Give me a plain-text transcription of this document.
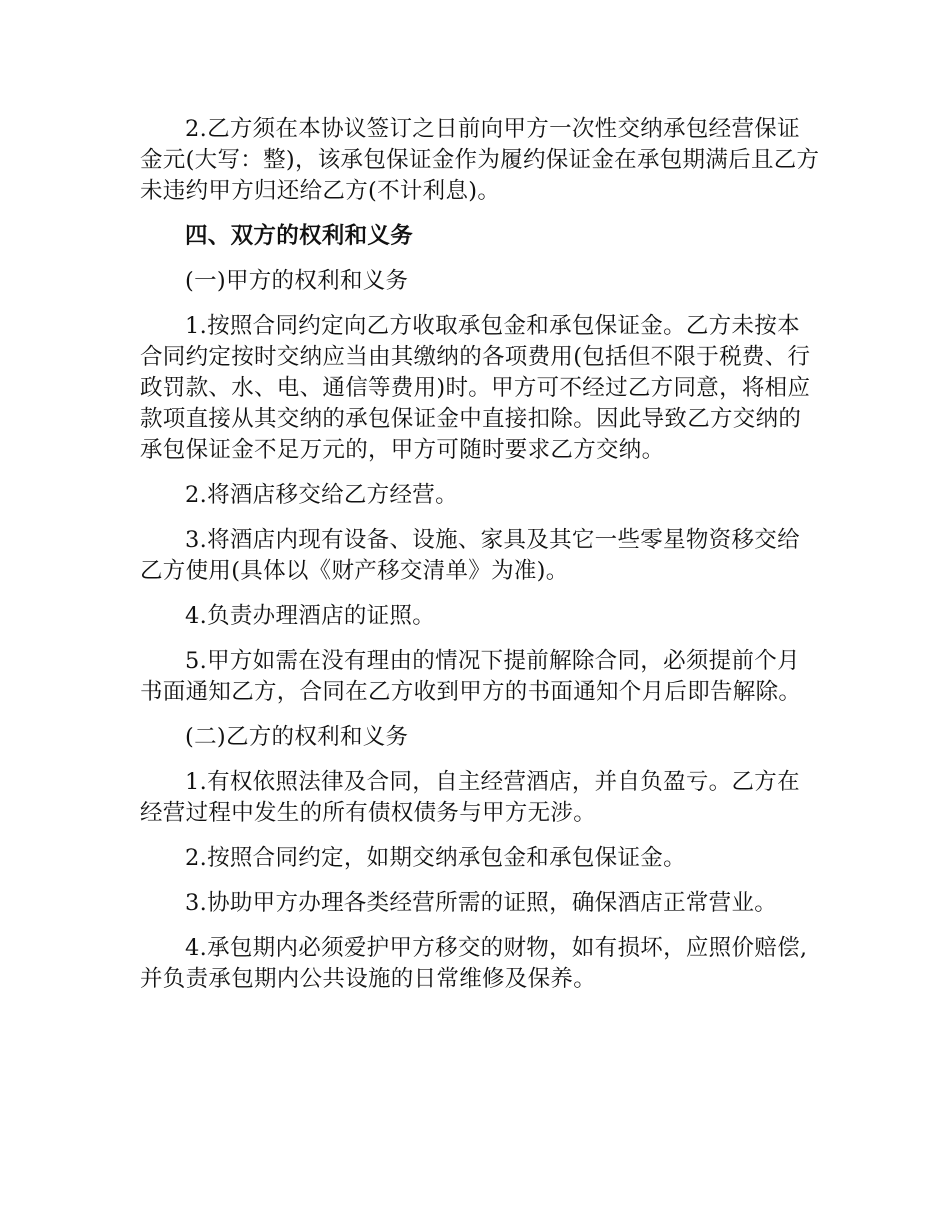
2.乙方须在本协议签订之日前向甲方一次性交纳承包经营保证金元(大写：整)，该承包保证金作为履约保证金在承包期满后且乙方未违约甲方归还给乙方(不计利息)。

四、双方的权利和义务

(一)甲方的权利和义务

1.按照合同约定向乙方收取承包金和承包保证金。乙方未按本合同约定按时交纳应当由其缴纳的各项费用(包括但不限于税费、行政罚款、水、电、通信等费用)时。甲方可不经过乙方同意，将相应款项直接从其交纳的承包保证金中直接扣除。因此导致乙方交纳的承包保证金不足万元的，甲方可随时要求乙方交纳。

2.将酒店移交给乙方经营。

3.将酒店内现有设备、设施、家具及其它一些零星物资移交给乙方使用(具体以《财产移交清单》为准)。

4.负责办理酒店的证照。

5.甲方如需在没有理由的情况下提前解除合同，必须提前个月书面通知乙方，合同在乙方收到甲方的书面通知个月后即告解除。

(二)乙方的权利和义务

1.有权依照法律及合同，自主经营酒店，并自负盈亏。乙方在经营过程中发生的所有债权债务与甲方无涉。

2.按照合同约定，如期交纳承包金和承包保证金。

3.协助甲方办理各类经营所需的证照，确保酒店正常营业。

4.承包期内必须爱护甲方移交的财物，如有损坏，应照价赔偿,并负责承包期内公共设施的日常维修及保养。
